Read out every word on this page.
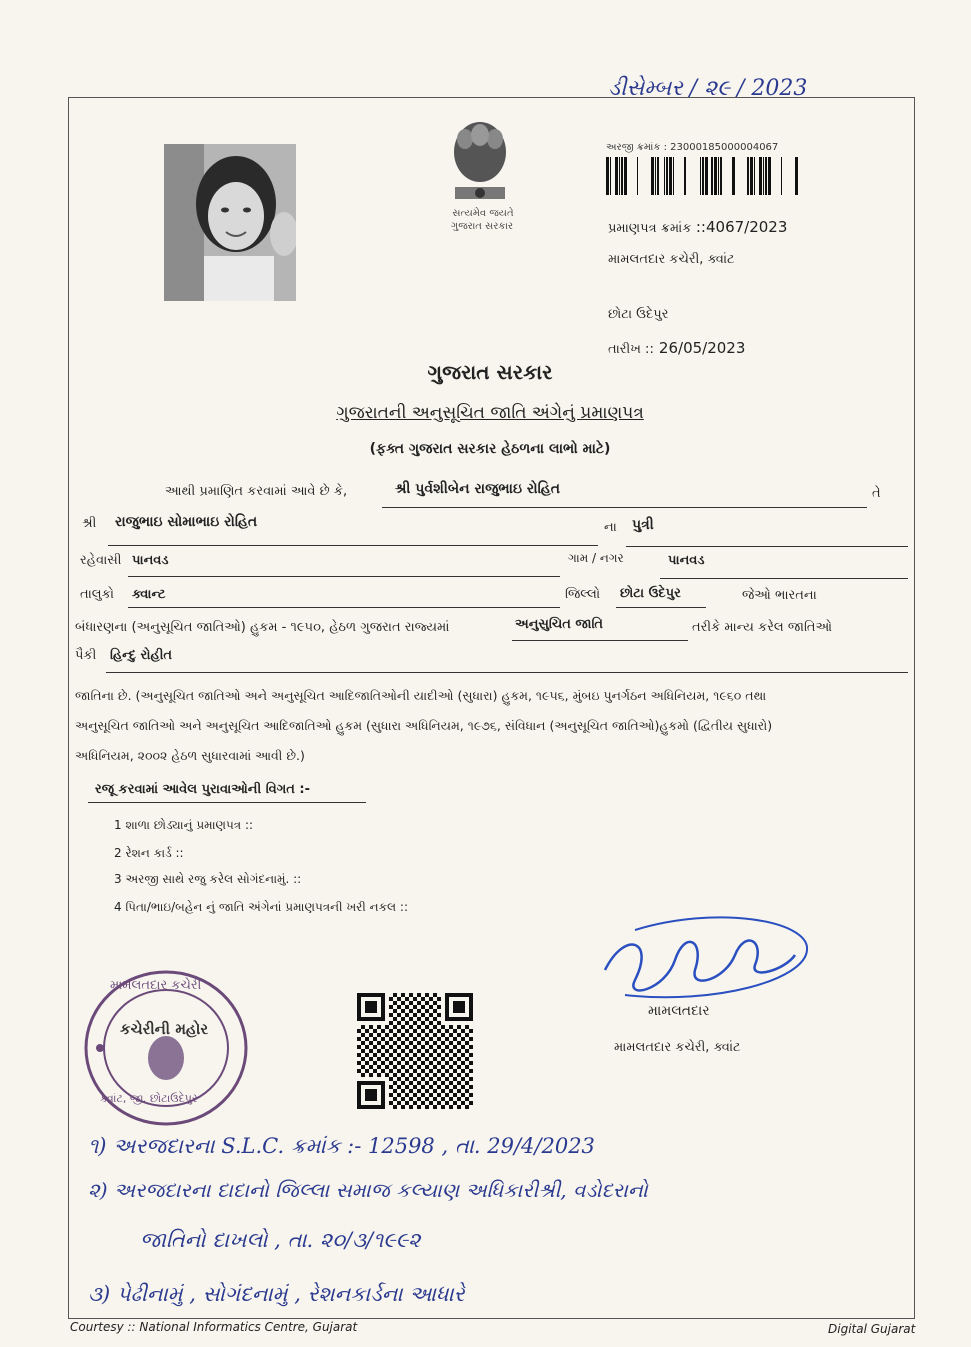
ડીસેમ્બર / ૨૯ / 2023
સત્યમેવ જયતે
ગુજરાત સરકાર
અરજી ક્રમાંક : 23000185000004067
પ્રમાણપત્ર ક્રમાંક ::4067/2023
મામલતદાર કચેરી, ક્વાંટ
છોટા ઉદેપુર
તારીખ :: 26/05/2023
ગુજરાત સરકાર
ગુજરાતની અનુસૂચિત જાતિ અંગેનું પ્રમાણપત્ર
(ફક્ત ગુજરાત સરકાર હેઠળના લાભો માટે)
આથી પ્રમાણિત કરવામાં આવે છે કે,	શ્રી પુર્વશીબેન રાજુભાઇ રોહિત	તે
શ્રી રાજુભાઇ સોમાભાઇ રોહિત	ના પુત્રી
રહેવાસી પાનવડ	ગામ / નગર	પાનવડ
તાલુકો ક્વાન્ટ	જિલ્લો છોટા ઉદેપુર	જેઓ ભારતના
બંધારણના (અનુસૂચિત જાતિઓ) હુકમ - ૧૯૫૦, હેઠળ ગુજરાત રાજ્યમાં	અનુસુચિત જાતિ	તરીકે માન્ય કરેલ જાતિઓ
પૈકી હિન્દુ રોહીત
જાતિના છે. (અનુસૂચિત જાતિઓ અને અનુસૂચિત આદિજાતિઓની યાદીઓ (સુધારા) હુકમ, ૧૯૫૬, મુંબઇ પુનર્ગઠન અધિનિયમ, ૧૯૬૦ તથા
અનુસૂચિત જાતિઓ અને અનુસૂચિત આદિજાતિઓ હુકમ (સુધારા અધિનિયમ, ૧૯૭૬, સંવિધાન (અનુસૂચિત જાતિઓ)હુકમો (દ્વિતીય સુધારો)
અધિનિયમ, ૨૦૦૨ હેઠળ સુધારવામાં આવી છે.)
રજૂ કરવામાં આવેલ પુરાવાઓની વિગત :-
1 શાળા છોડ્યાનું પ્રમાણપત્ર ::
2 રેશન કાર્ડ ::
3 અરજી સાથે રજુ કરેલ સોગંદનામું. ::
4 પિતા/ભાઇ/બહેન નું જાતિ અંગેનાં પ્રમાણપત્રની ખરી નકલ ::
મામલતદાર કચેરી
કચેરીની મહોર
ક્વાંટ, જી. છોટાઉદેપુર
મામલતદાર
મામલતદાર કચેરી, ક્વાંટ
૧) અરજદારના S.L.C. ક્રમાંક :- 12598 , તા. 29/4/2023
૨) અરજદારના દાદાનો જિલ્લા સમાજ કલ્યાણ અધિકારીશ્રી, વડોદરાનો
જાતિનો દાખલો , તા. ૨૦/૩/૧૯૯૨
૩) પેઢીનામું , સોગંદનામું , રેશનકાર્ડના આધારે
Courtesy :: National Informatics Centre, Gujarat	Digital Gujarat
